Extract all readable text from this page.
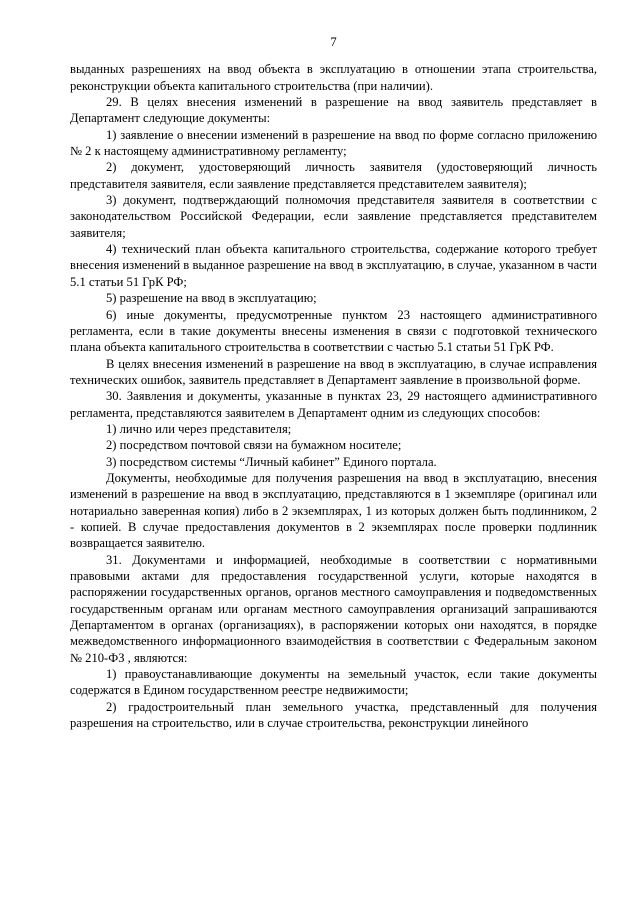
7

выданных разрешениях на ввод объекта в эксплуатацию в отношении этапа строительства, реконструкции объекта капитального строительства (при наличии).

29. В целях внесения изменений в разрешение на ввод заявитель представляет в Департамент следующие документы:

1) заявление о внесении изменений в разрешение на ввод по форме согласно приложению № 2 к настоящему административному регламенту;

2) документ, удостоверяющий личность заявителя (удостоверяющий личность представителя заявителя, если заявление представляется представителем заявителя);

3) документ, подтверждающий полномочия представителя заявителя в соответствии с законодательством Российской Федерации, если заявление представляется представителем заявителя;

4) технический план объекта капитального строительства, содержание которого требует внесения изменений в выданное разрешение на ввод в эксплуатацию, в случае, указанном в части 5.1 статьи 51 ГрК РФ;

5) разрешение на ввод в эксплуатацию;

6) иные документы, предусмотренные пунктом 23 настоящего административного регламента, если в такие документы внесены изменения в связи с подготовкой технического плана объекта капитального строительства в соответствии с частью 5.1 статьи 51 ГрК РФ.

В целях внесения изменений в разрешение на ввод в эксплуатацию, в случае исправления технических ошибок, заявитель представляет в Департамент заявление в произвольной форме.

30. Заявления и документы, указанные в пунктах 23, 29 настоящего административного регламента, представляются заявителем в Департамент одним из следующих способов:

1) лично или через представителя;

2) посредством почтовой связи на бумажном носителе;

3) посредством системы “Личный кабинет” Единого портала.

Документы, необходимые для получения разрешения на ввод в эксплуатацию, внесения изменений в разрешение на ввод в эксплуатацию, представляются в 1 экземпляре (оригинал или нотариально заверенная копия) либо в 2 экземплярах, 1 из которых должен быть подлинником, 2 - копией. В случае предоставления документов в 2 экземплярах после проверки подлинник возвращается заявителю.

31. Документами и информацией, необходимые в соответствии с нормативными правовыми актами для предоставления государственной услуги, которые находятся в распоряжении государственных органов, органов местного самоуправления и подведомственных государственным органам или органам местного самоуправления организаций запрашиваются Департаментом в органах (организациях), в распоряжении которых они находятся, в порядке межведомственного информационного взаимодействия в соответствии с Федеральным законом № 210-ФЗ , являются:

1) правоустанавливающие документы на земельный участок, если такие документы содержатся в Едином государственном реестре недвижимости;

2) градостроительный план земельного участка, представленный для получения разрешения на строительство, или в случае строительства, реконструкции линейного
